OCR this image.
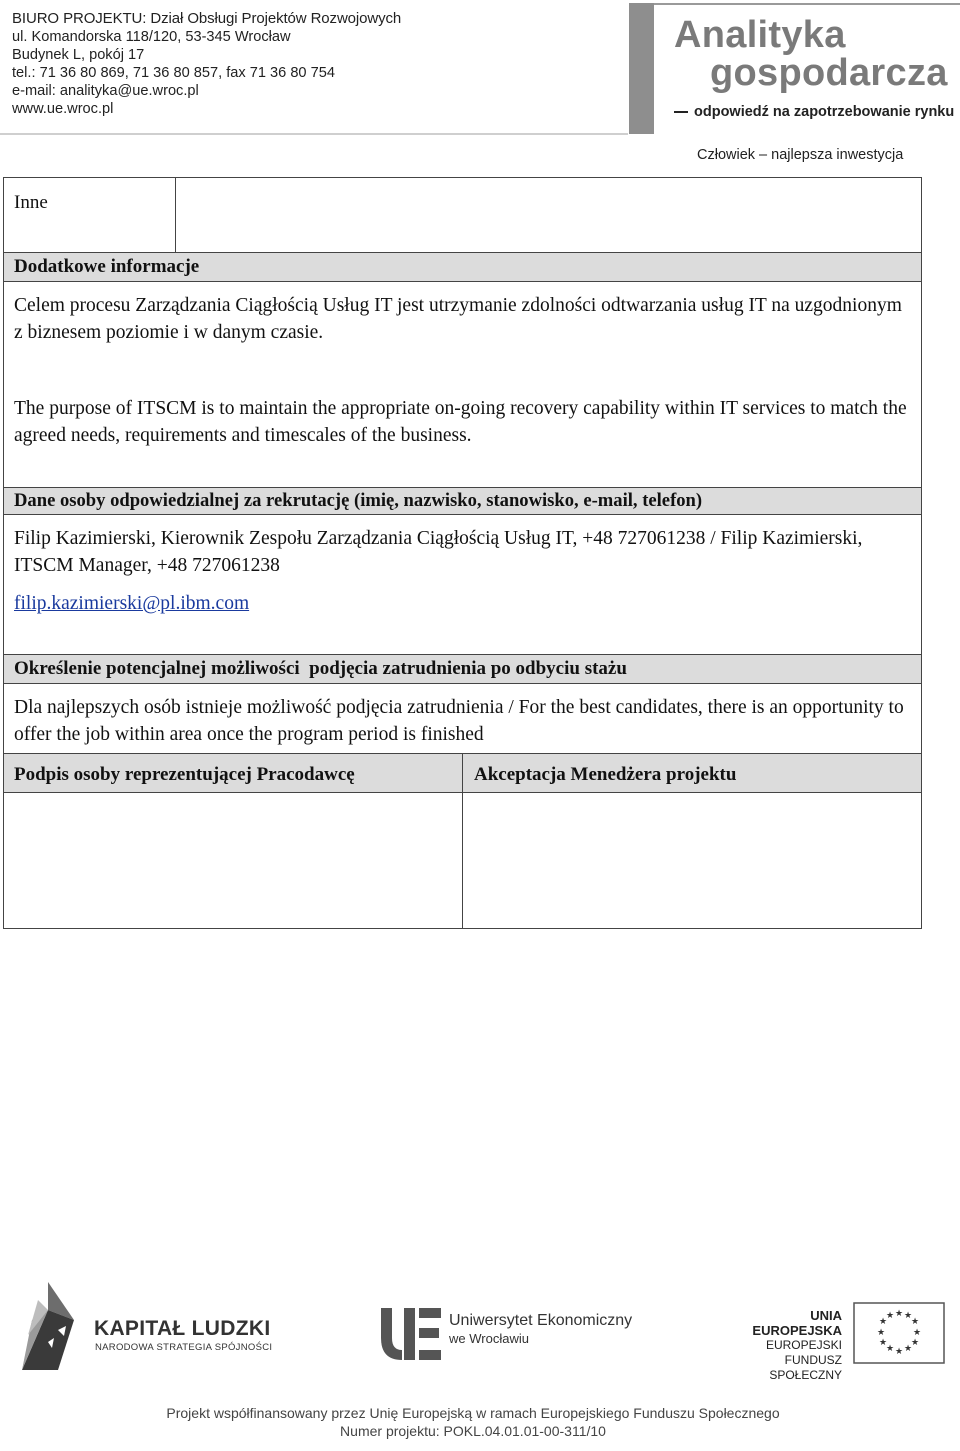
BIURO PROJEKTU: Dział Obsługi Projektów Rozwojowych
ul. Komandorska 118/120, 53-345 Wrocław
Budynek L, pokój 17
tel.: 71 36 80 869, 71 36 80 857, fax 71 36 80 754
e-mail: analityka@ue.wroc.pl
www.ue.wroc.pl
Analityka
gospodarcza
odpowiedź na zapotrzebowanie rynku
Człowiek – najlepsza inwestycja
Inne
Dodatkowe informacje
Celem procesu Zarządzania Ciągłością Usług IT jest utrzymanie zdolności odtwarzania usług IT na uzgodnionym z biznesem poziomie i w danym czasie.
The purpose of ITSCM is to maintain the appropriate on-going recovery capability within IT services to match the agreed needs, requirements and timescales of the business.
Dane osoby odpowiedzialnej za rekrutację (imię, nazwisko, stanowisko, e-mail, telefon)
Filip Kazimierski, Kierownik Zespołu Zarządzania Ciągłością Usług IT, +48 727061238 / Filip Kazimierski, ITSCM Manager, +48 727061238
filip.kazimierski@pl.ibm.com
Określenie potencjalnej możliwości  podjęcia zatrudnienia po odbyciu stażu
Dla najlepszych osób istnieje możliwość podjęcia zatrudnienia / For the best candidates, there is an opportunity to offer the job within area once the program period is finished
Podpis osoby reprezentującej Pracodawcę	Akceptacja Menedżera projektu
KAPITAŁ LUDZKI
NARODOWA STRATEGIA SPÓJNOŚCI
Uniwersytet Ekonomiczny
we Wrocławiu
UNIA EUROPEJSKA
EUROPEJSKI
FUNDUSZ SPOŁECZNY
★ ★
★
★
★
★
★
★
★
★
★
★
Projekt współfinansowany przez Unię Europejską w ramach Europejskiego Funduszu Społecznego
Numer projektu: POKL.04.01.01-00-311/10
